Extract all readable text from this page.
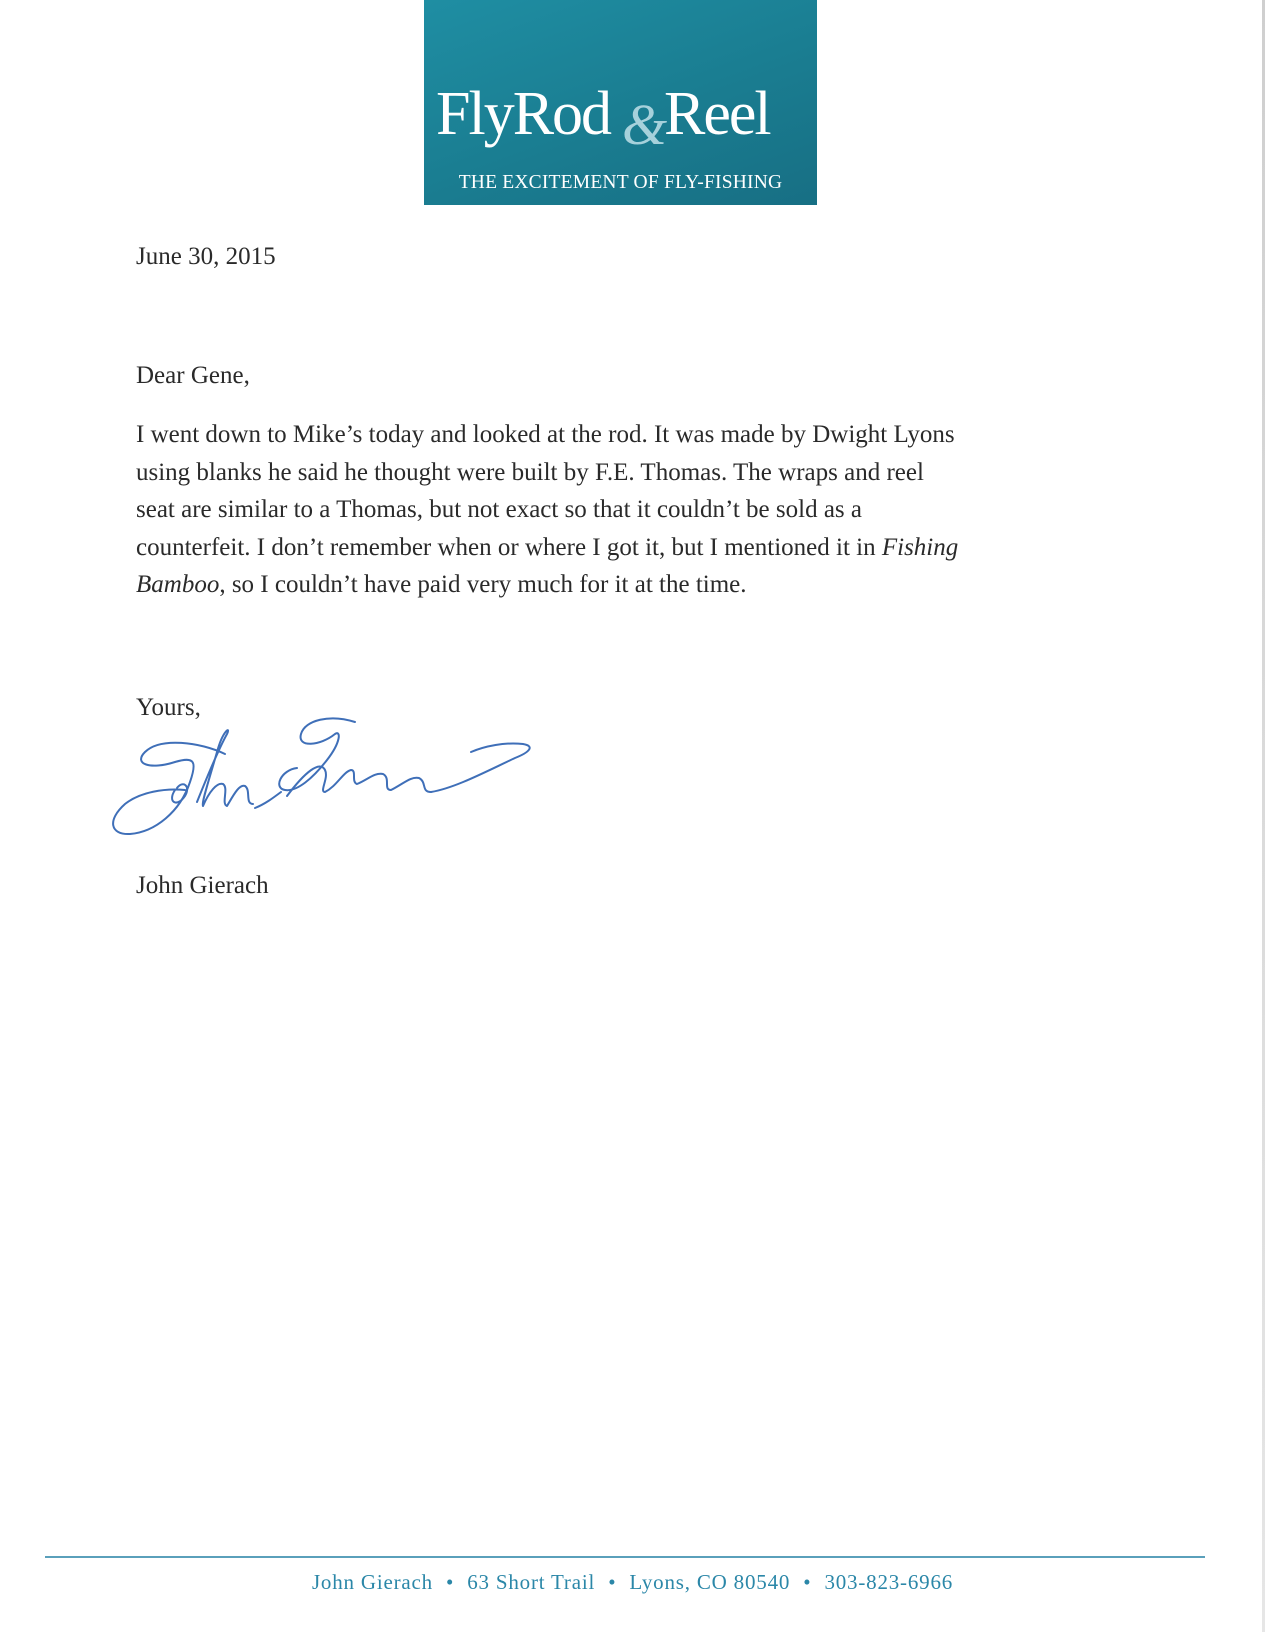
FlyRod &
Reel
THE EXCITEMENT OF FLY-FISHING
June 30, 2015
Dear Gene,
I went down to Mike’s today and looked at the rod. It was made by Dwight Lyons
using blanks he said he thought were built by F.E. Thomas. The wraps and reel
seat are similar to a Thomas, but not exact so that it couldn’t be sold as a
counterfeit. I don’t remember when or where I got it, but I mentioned it in Fishing
Bamboo, so I couldn’t have paid very much for it at the time.
Yours,
John Gierach
John Gierach • 63 Short Trail • Lyons, CO 80540 • 303-823-6966
